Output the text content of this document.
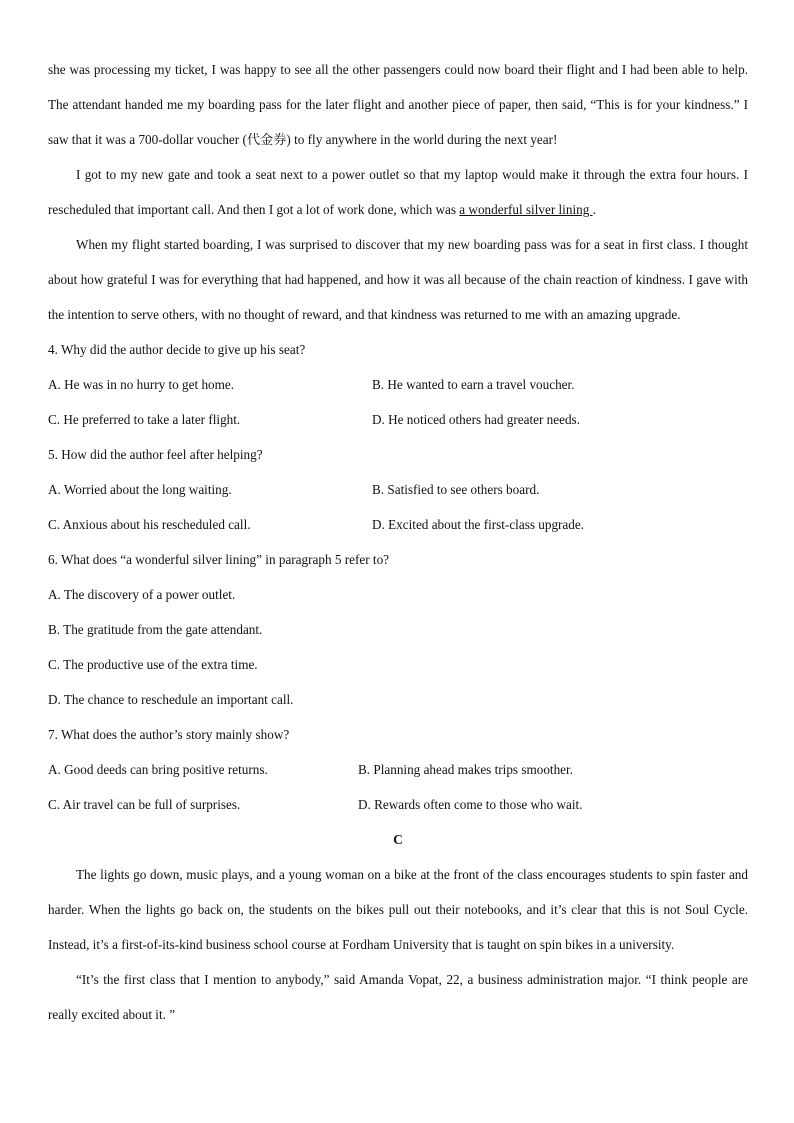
she was processing my ticket, I was happy to see all the other passengers could now board their flight and I had been able to help. The attendant handed me my boarding pass for the later flight and another piece of paper, then said, “This is for your kindness.” I saw that it was a 700-dollar voucher (代金券) to fly anywhere in the world during the next year!

I got to my new gate and took a seat next to a power outlet so that my laptop would make it through the extra four hours. I rescheduled that important call. And then I got a lot of work done, which was a wonderful silver lining .

When my flight started boarding, I was surprised to discover that my new boarding pass was for a seat in first class. I thought about how grateful I was for everything that had happened, and how it was all because of the chain reaction of kindness. I gave with the intention to serve others, with no thought of reward, and that kindness was returned to me with an amazing upgrade.

4. Why did the author decide to give up his seat?

A. He was in no hurry to get home.	B. He wanted to earn a travel voucher.
C. He preferred to take a later flight.	D. He noticed others had greater needs.

5. How did the author feel after helping?

A. Worried about the long waiting.	B. Satisfied to see others board.
C. Anxious about his rescheduled call.	D. Excited about the first-class upgrade.

6. What does “a wonderful silver lining” in paragraph 5 refer to?

A. The discovery of a power outlet.

B. The gratitude from the gate attendant.

C. The productive use of the extra time.

D. The chance to reschedule an important call.

7. What does the author’s story mainly show?

A. Good deeds can bring positive returns.	B. Planning ahead makes trips smoother.
C. Air travel can be full of surprises.	D. Rewards often come to those who wait.

C

The lights go down, music plays, and a young woman on a bike at the front of the class encourages students to spin faster and harder. When the lights go back on, the students on the bikes pull out their notebooks, and it’s clear that this is not Soul Cycle. Instead, it’s a first-of-its-kind business school course at Fordham University that is taught on spin bikes in a university.

“It’s the first class that I mention to anybody,” said Amanda Vopat, 22, a business administration major. “I think people are really excited about it. ”
